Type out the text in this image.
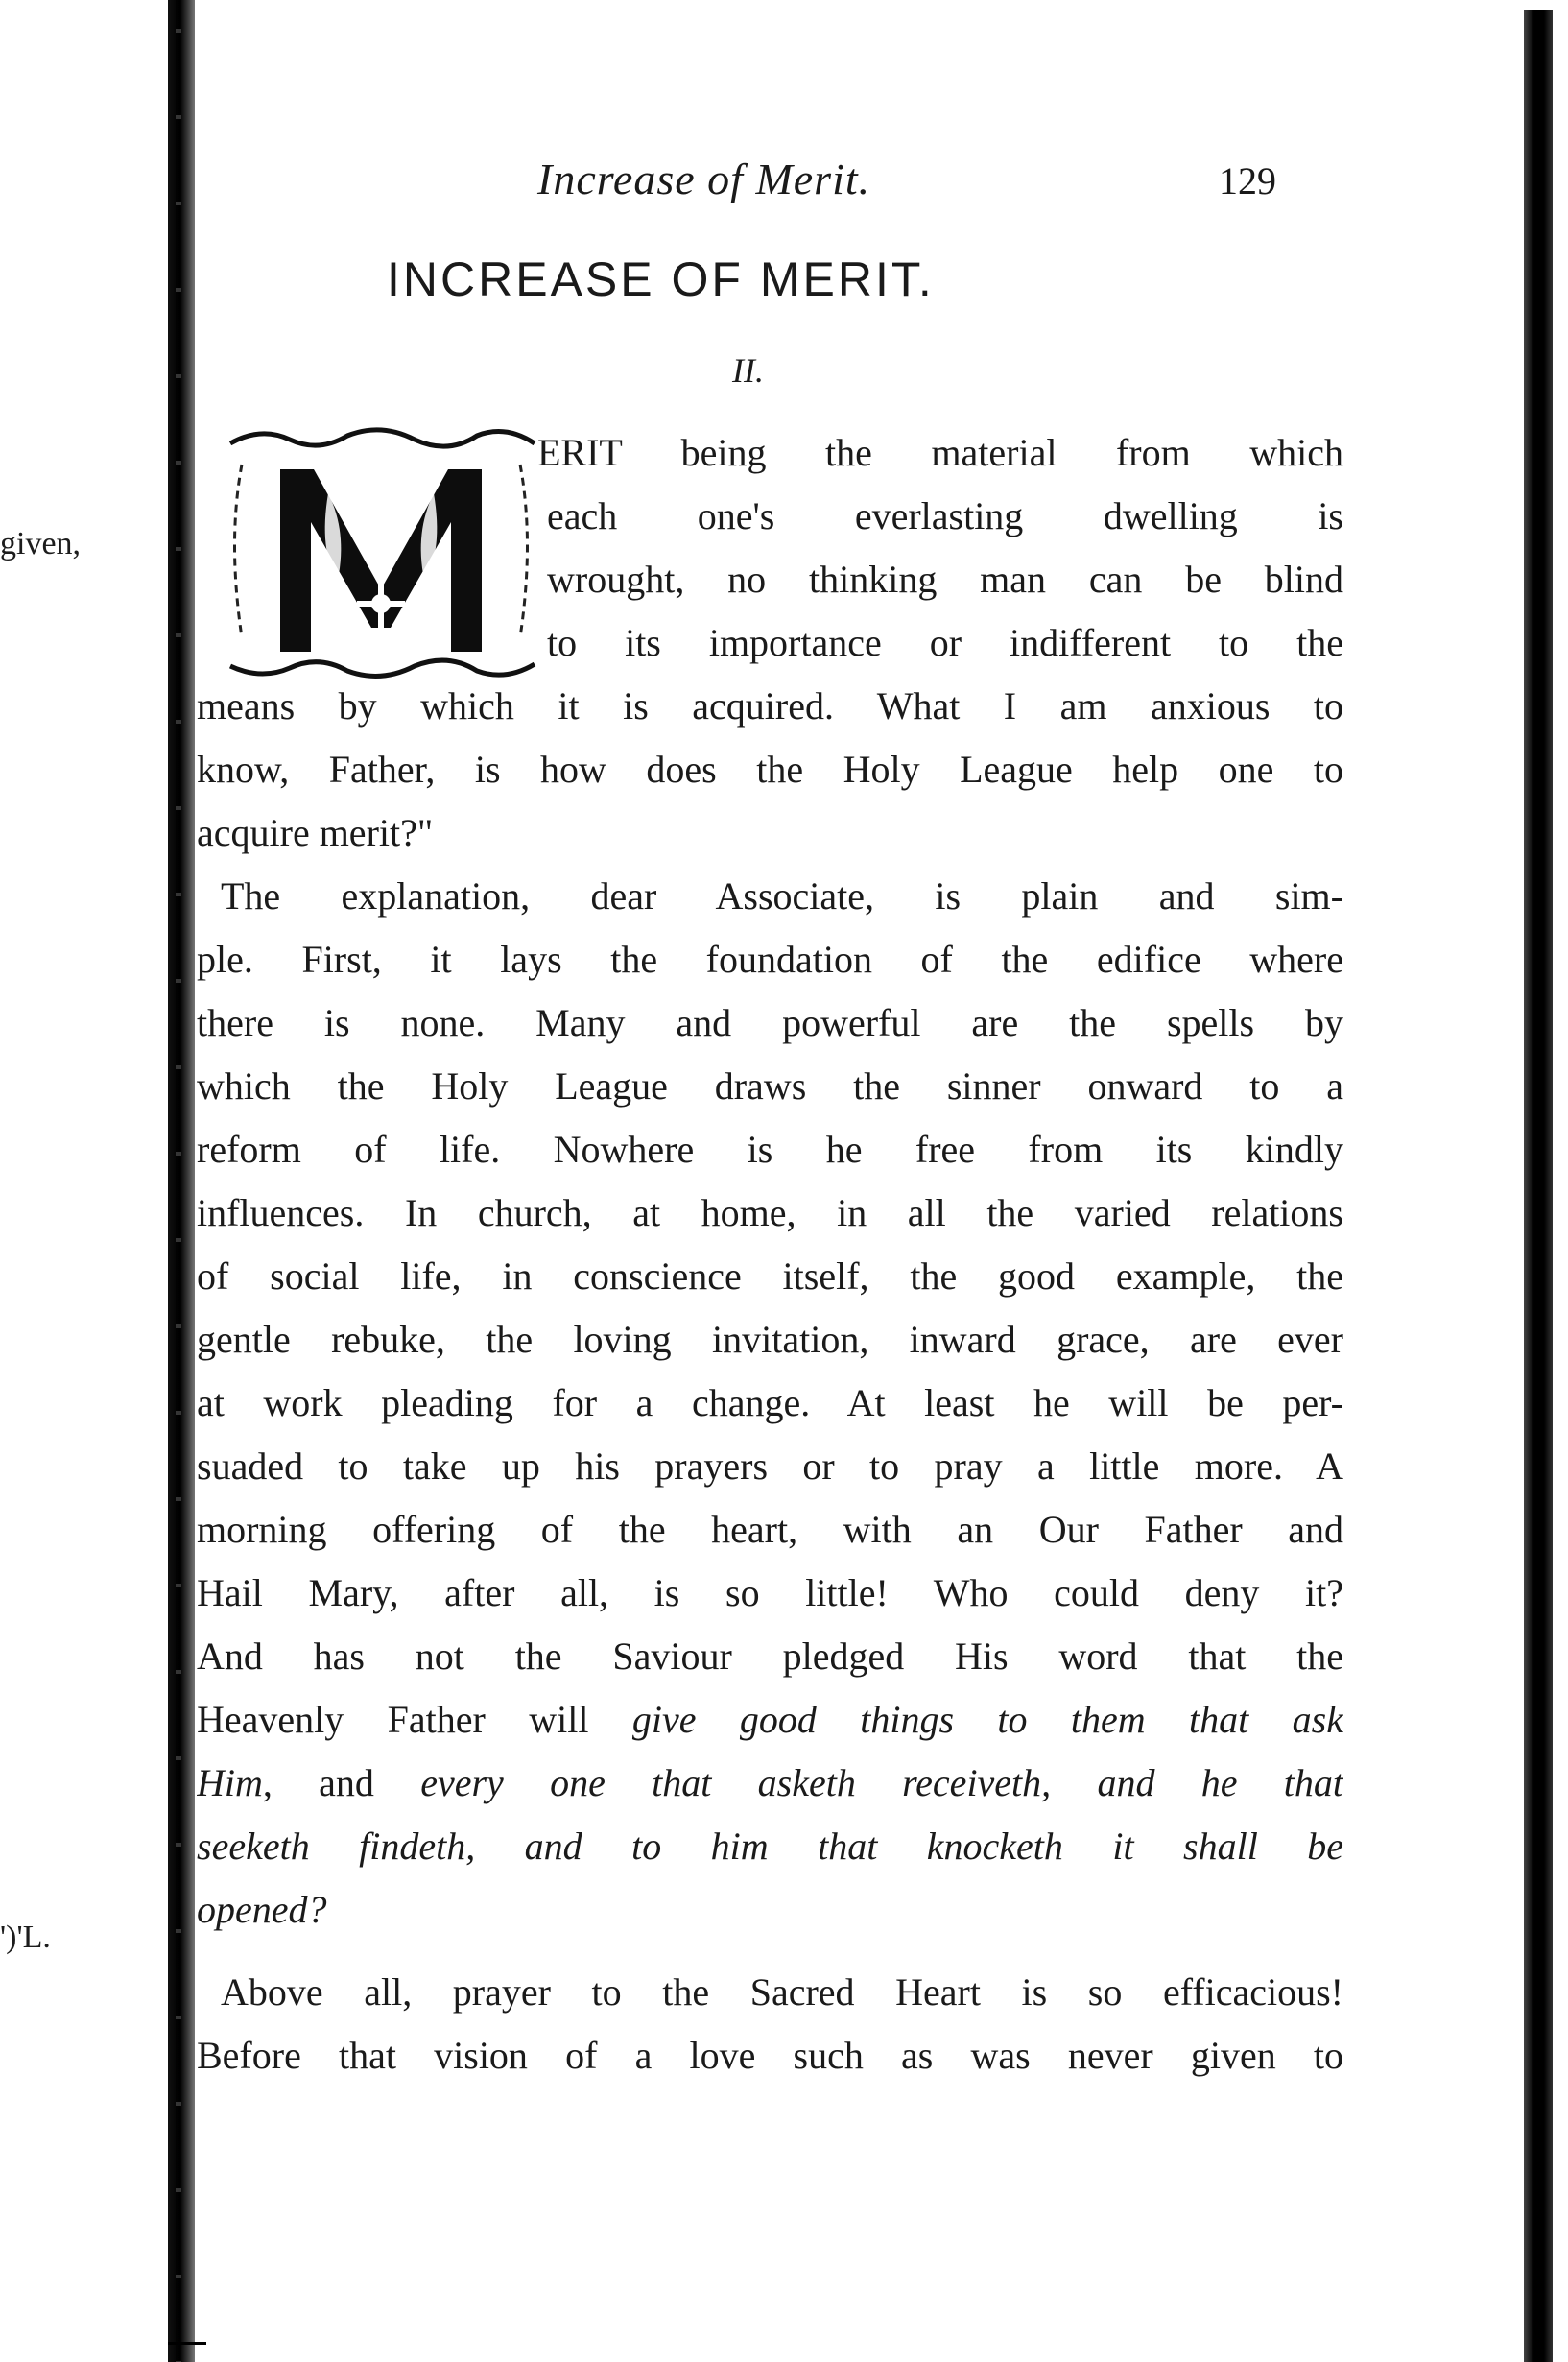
given,
')'L.
Increase of Merit.	129
INCREASE OF MERIT.
II.
M	ERIT being the material from which
each one's everlasting dwelling is
wrought, no thinking man can be blind
to its importance or indifferent to the
means by which it is acquired. What I am anxious to
know, Father, is how does the Holy League help one to
acquire merit?"
The explanation, dear Associate, is plain and sim-
ple. First, it lays the foundation of the edifice where
there is none. Many and powerful are the spells by
which the Holy League draws the sinner onward to a
reform of life. Nowhere is he free from its kindly
influences. In church, at home, in all the varied relations
of social life, in conscience itself, the good example, the
gentle rebuke, the loving invitation, inward grace, are ever
at work pleading for a change. At least he will be per-
suaded to take up his prayers or to pray a little more. A
morning offering of the heart, with an Our Father and
Hail Mary, after all, is so little! Who could deny it?
And has not the Saviour pledged His word that the
Heavenly Father will give good things to them that ask
Him, and every one that asketh receiveth, and he that
seeketh findeth, and to him that knocketh it shall be
opened?
Above all, prayer to the Sacred Heart is so efficacious!
Before that vision of a love such as was never given to
